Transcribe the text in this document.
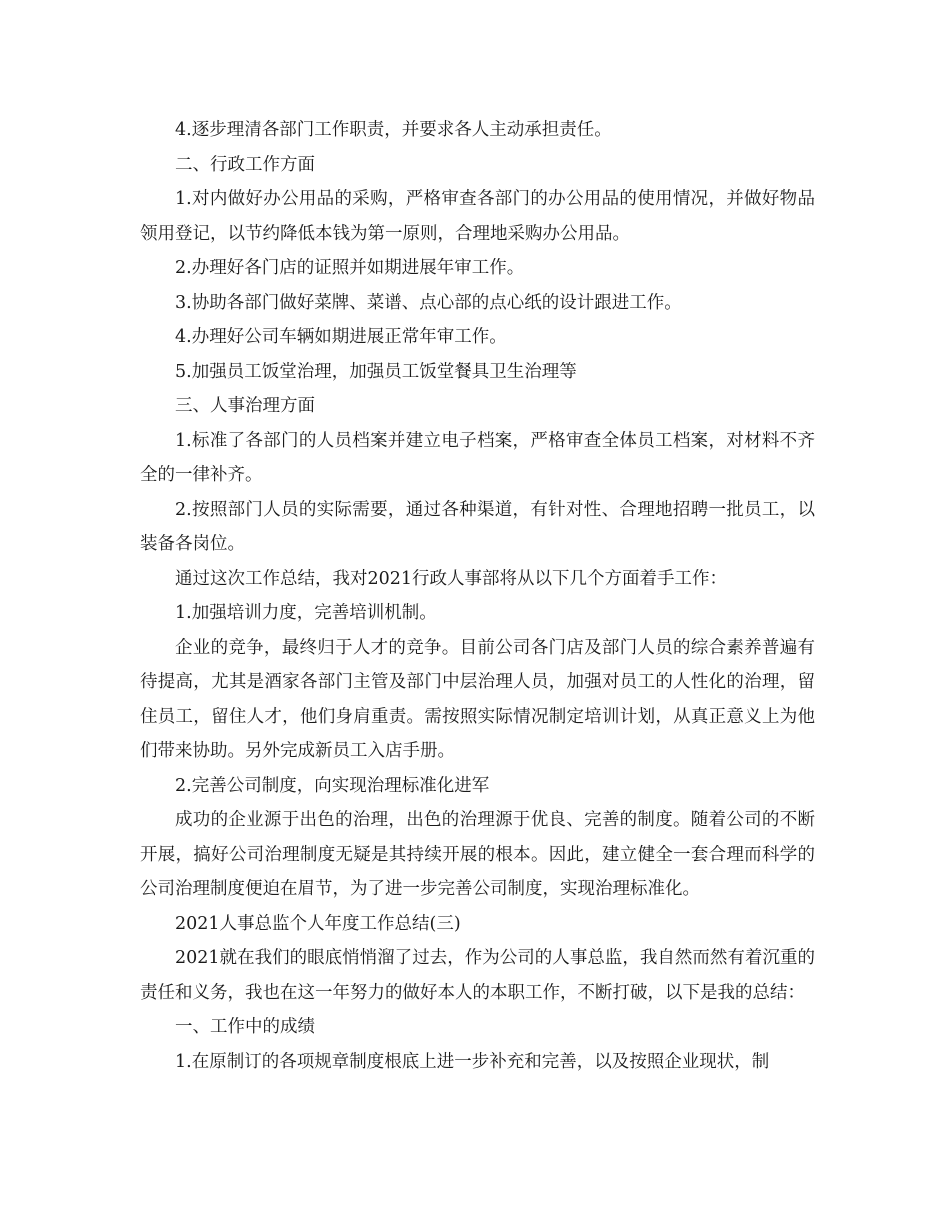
4.逐步理清各部门工作职责，并要求各人主动承担责任。

二、行政工作方面

1.对内做好办公用品的采购，严格审查各部门的办公用品的使用情况，并做好物品领用登记，以节约降低本钱为第一原则，合理地采购办公用品。

2.办理好各门店的证照并如期进展年审工作。

3.协助各部门做好菜牌、菜谱、点心部的点心纸的设计跟进工作。

4.办理好公司车辆如期进展正常年审工作。

5.加强员工饭堂治理，加强员工饭堂餐具卫生治理等

三、人事治理方面

1.标准了各部门的人员档案并建立电子档案，严格审查全体员工档案，对材料不齐全的一律补齐。

2.按照部门人员的实际需要，通过各种渠道，有针对性、合理地招聘一批员工，以装备各岗位。

通过这次工作总结，我对2021行政人事部将从以下几个方面着手工作：

1.加强培训力度，完善培训机制。

企业的竞争，最终归于人才的竞争。目前公司各门店及部门人员的综合素养普遍有待提高，尤其是酒家各部门主管及部门中层治理人员，加强对员工的人性化的治理，留住员工，留住人才，他们身肩重责。需按照实际情况制定培训计划，从真正意义上为他们带来协助。另外完成新员工入店手册。

2.完善公司制度，向实现治理标准化进军

成功的企业源于出色的治理，出色的治理源于优良、完善的制度。随着公司的不断开展，搞好公司治理制度无疑是其持续开展的根本。因此，建立健全一套合理而科学的公司治理制度便迫在眉节，为了进一步完善公司制度，实现治理标准化。

2021人事总监个人年度工作总结(三)

2021就在我们的眼底悄悄溜了过去，作为公司的人事总监，我自然而然有着沉重的责任和义务，我也在这一年努力的做好本人的本职工作，不断打破，以下是我的总结：

一、工作中的成绩

1.在原制订的各项规章制度根底上进一步补充和完善，以及按照企业现状，制
